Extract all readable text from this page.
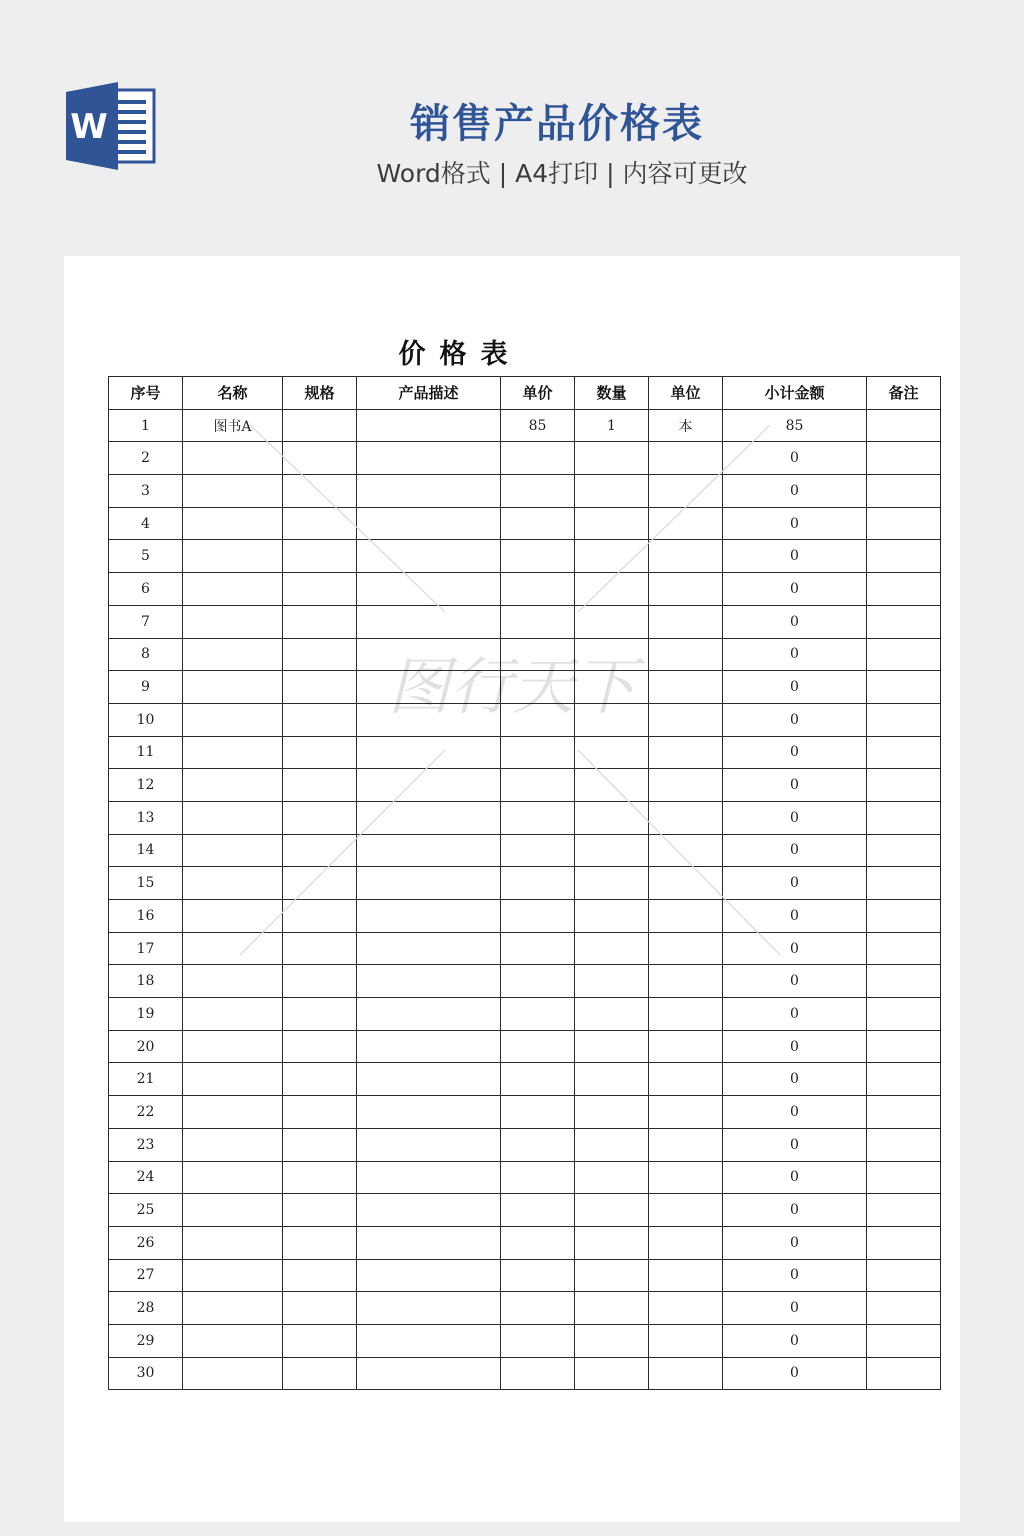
W	销售产品价格表
Word格式 | A4打印 | 内容可更改
价格表
序号	名称	规格	产品描述	单价	数量	单位	小计金额	备注
1	图书A			85	1	本	85	
2							0	
3							0	
4							0	
5							0	
6							0	
7							0	
8							0	
9							0	
10							0	
11							0	
12							0	
13							0	
14							0	
15							0	
16							0	
17							0	
18							0	
19							0	
20							0	
21							0	
22							0	
23							0	
24							0	
25							0	
26							0	
27							0	
28							0	
29							0	
30							0	
